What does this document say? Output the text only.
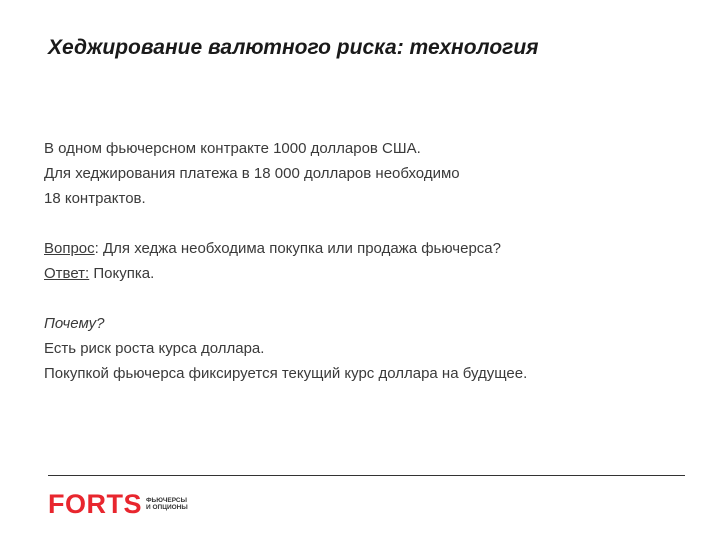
Хеджирование валютного риска: технология
В одном фьючерсном контракте 1000 долларов США.
Для хеджирования платежа в 18 000 долларов необходимо
18 контрактов.
Вопрос: Для хеджа необходима покупка или продажа фьючерса?
Ответ: Покупка.
Почему?
Есть риск роста курса доллара.
Покупкой фьючерса фиксируется текущий курс доллара на будущее.
FORTS ФЬЮЧЕРСЫ
И ОПЦИОНЫ
